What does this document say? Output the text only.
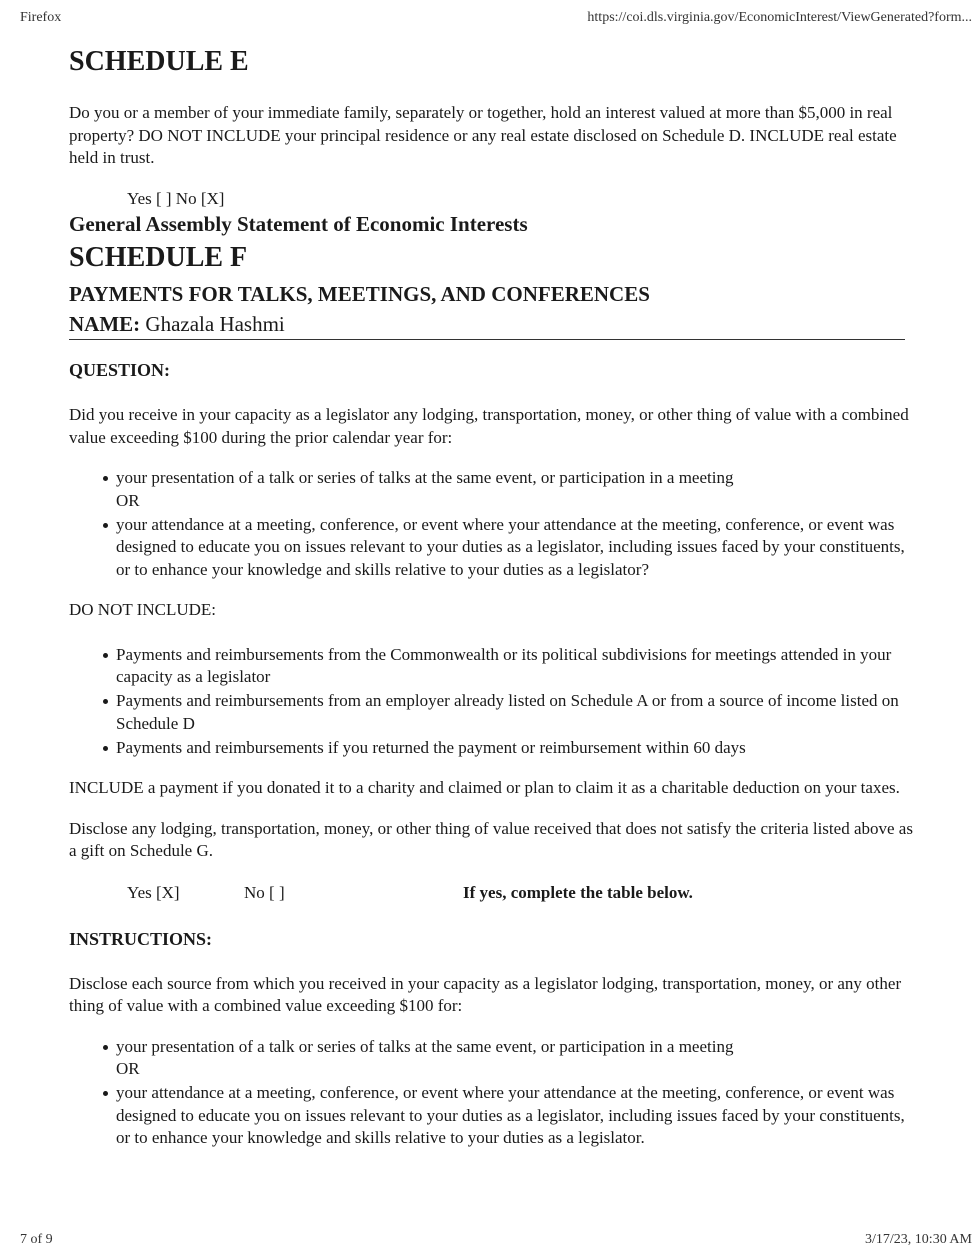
Firefox	https://coi.dls.virginia.gov/EconomicInterest/ViewGenerated?form...
SCHEDULE E

Do you or a member of your immediate family, separately or together, hold an interest valued at more than $5,000 in real property? DO NOT INCLUDE your principal residence or any real estate disclosed on Schedule D. INCLUDE real estate held in trust.

Yes [ ] No [X]

General Assembly Statement of Economic Interests
SCHEDULE F
PAYMENTS FOR TALKS, MEETINGS, AND CONFERENCES
NAME: Ghazala Hashmi
QUESTION:

Did you receive in your capacity as a legislator any lodging, transportation, money, or other thing of value with a combined value exceeding $100 during the prior calendar year for:

your presentation of a talk or series of talks at the same event, or participation in a meeting
OR
your attendance at a meeting, conference, or event where your attendance at the meeting, conference, or event was designed to educate you on issues relevant to your duties as a legislator, including issues faced by your constituents, or to enhance your knowledge and skills relative to your duties as a legislator?

DO NOT INCLUDE:

Payments and reimbursements from the Commonwealth or its political subdivisions for meetings attended in your capacity as a legislator
Payments and reimbursements from an employer already listed on Schedule A or from a source of income listed on Schedule D
Payments and reimbursements if you returned the payment or reimbursement within 60 days

INCLUDE a payment if you donated it to a charity and claimed or plan to claim it as a charitable deduction on your taxes.

Disclose any lodging, transportation, money, or other thing of value received that does not satisfy the criteria listed above as a gift on Schedule G.

Yes [X]	No [ ]	If yes, complete the table below.
INSTRUCTIONS:

Disclose each source from which you received in your capacity as a legislator lodging, transportation, money, or any other thing of value with a combined value exceeding $100 for:

your presentation of a talk or series of talks at the same event, or participation in a meeting
OR
your attendance at a meeting, conference, or event where your attendance at the meeting, conference, or event was designed to educate you on issues relevant to your duties as a legislator, including issues faced by your constituents, or to enhance your knowledge and skills relative to your duties as a legislator.
7 of 9	3/17/23, 10:30 AM
